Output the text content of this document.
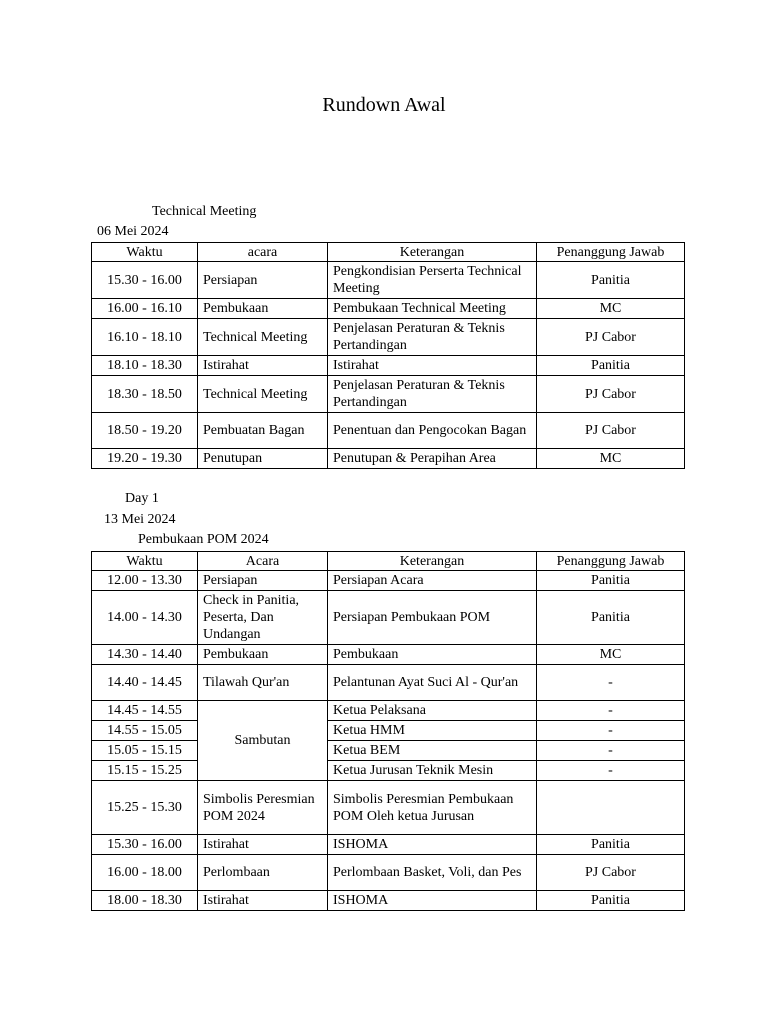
Rundown Awal
Technical Meeting
06 Mei 2024
Waktu	acara	Keterangan	Penanggung Jawab
15.30 - 16.00	Persiapan	Pengkondisian Perserta Technical Meeting	Panitia
16.00 - 16.10	Pembukaan	Pembukaan Technical Meeting	MC
16.10 - 18.10	Technical Meeting	Penjelasan Peraturan & Teknis Pertandingan	PJ Cabor
18.10 - 18.30	Istirahat	Istirahat	Panitia
18.30 - 18.50	Technical Meeting	Penjelasan Peraturan & Teknis Pertandingan	PJ Cabor
18.50 - 19.20	Pembuatan Bagan	Penentuan dan Pengocokan Bagan	PJ Cabor
19.20 - 19.30	Penutupan	Penutupan & Perapihan Area	MC
Day 1
13 Mei 2024
Pembukaan POM 2024
Waktu	Acara	Keterangan	Penanggung Jawab
12.00 - 13.30	Persiapan	Persiapan Acara	Panitia
14.00 - 14.30	Check in Panitia, Peserta, Dan Undangan	Persiapan Pembukaan POM	Panitia
14.30 - 14.40	Pembukaan	Pembukaan	MC
14.40 - 14.45	Tilawah Qur'an	Pelantunan Ayat Suci Al - Qur'an	-
14.45 - 14.55	Sambutan	Ketua Pelaksana	-
14.55 - 15.05		Ketua HMM	-
15.05 - 15.15		Ketua BEM	-
15.15 - 15.25		Ketua Jurusan Teknik Mesin	-
15.25 - 15.30	Simbolis Peresmian POM 2024	Simbolis Peresmian Pembukaan POM Oleh ketua Jurusan	
15.30 - 16.00	Istirahat	ISHOMA	Panitia
16.00 - 18.00	Perlombaan	Perlombaan Basket, Voli, dan Pes	PJ Cabor
18.00 - 18.30	Istirahat	ISHOMA	Panitia
